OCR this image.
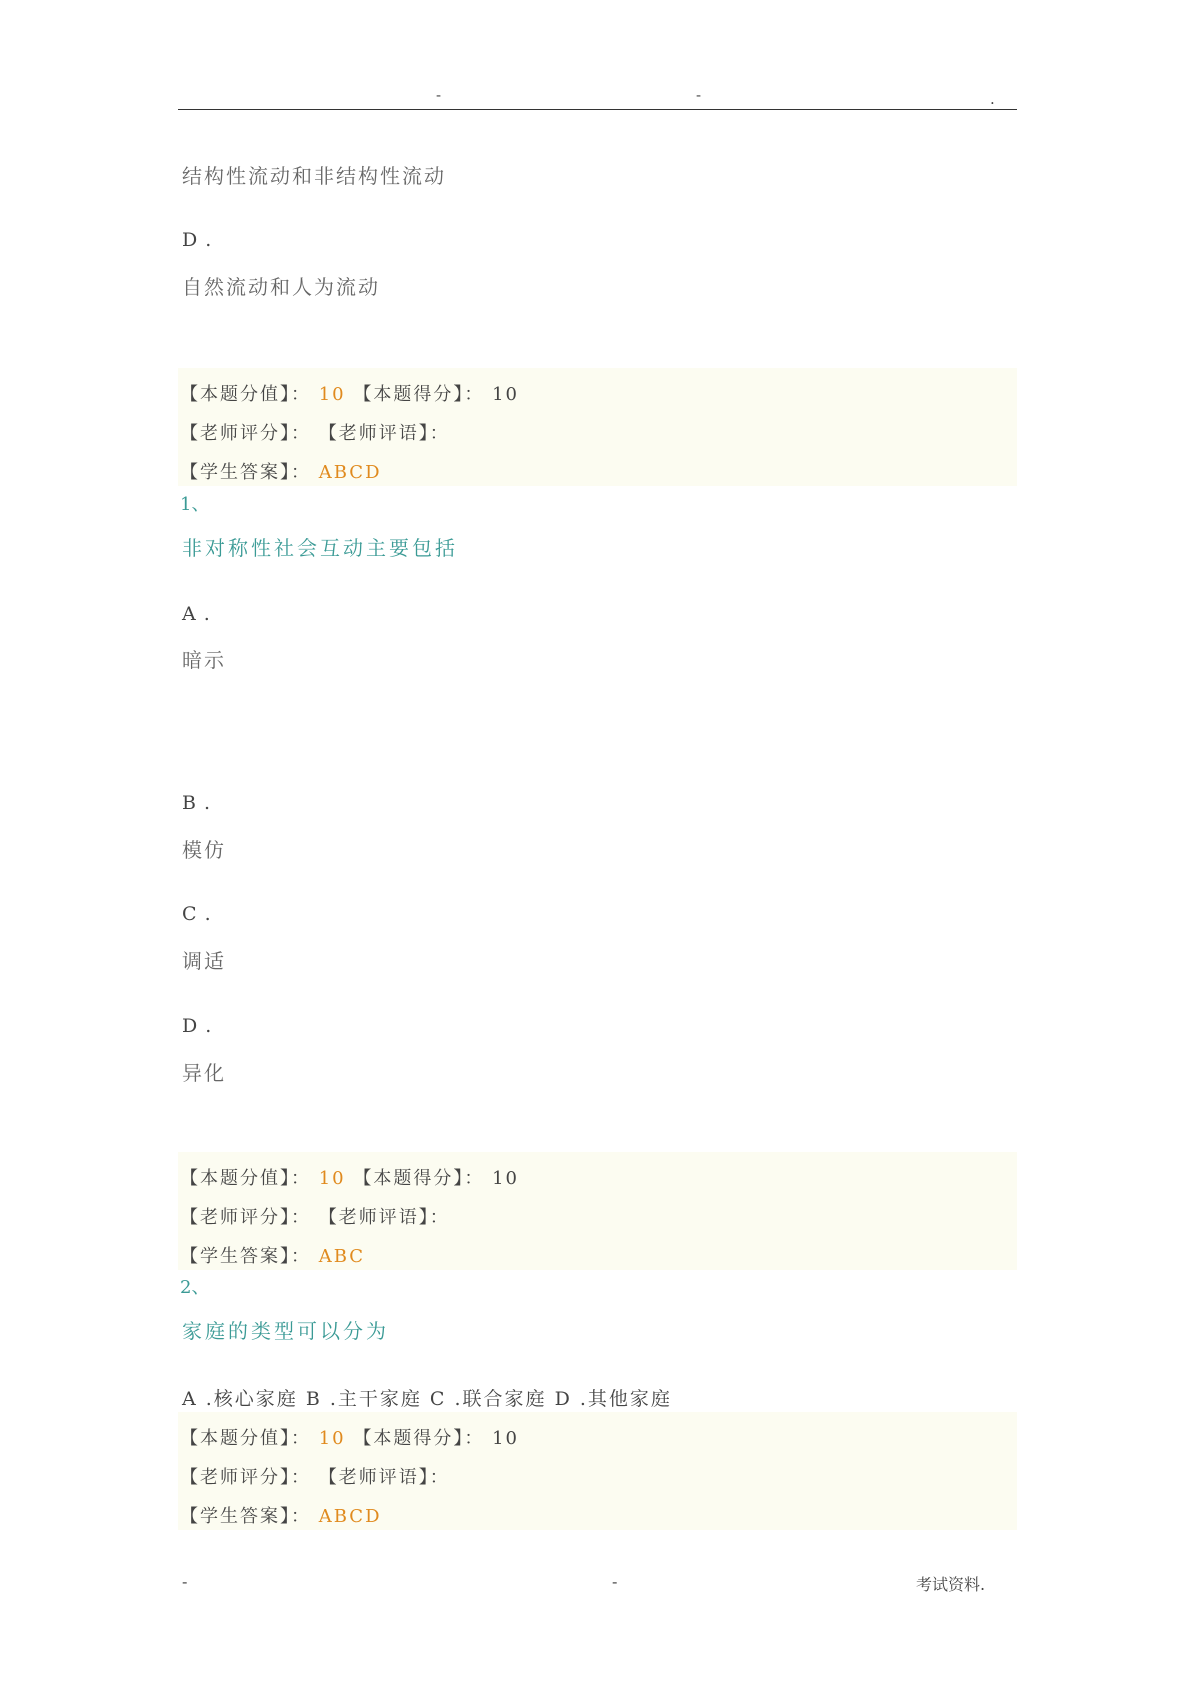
-	-	.
结构性流动和非结构性流动
D .
自然流动和人为流动
【本题分值】： 10 【本题得分】： 10
【老师评分】： 【老师评语】：
【学生答案】： ABCD
1、
非对称性社会互动主要包括
A .
暗示
B .
模仿
C .
调适
D .
异化
【本题分值】： 10 【本题得分】： 10
【老师评分】： 【老师评语】：
【学生答案】： ABC
2、
家庭的类型可以分为
A .核心家庭 B .主干家庭 C .联合家庭 D .其他家庭
【本题分值】： 10 【本题得分】： 10
【老师评分】： 【老师评语】：
【学生答案】： ABCD
-	-	考试资料.
